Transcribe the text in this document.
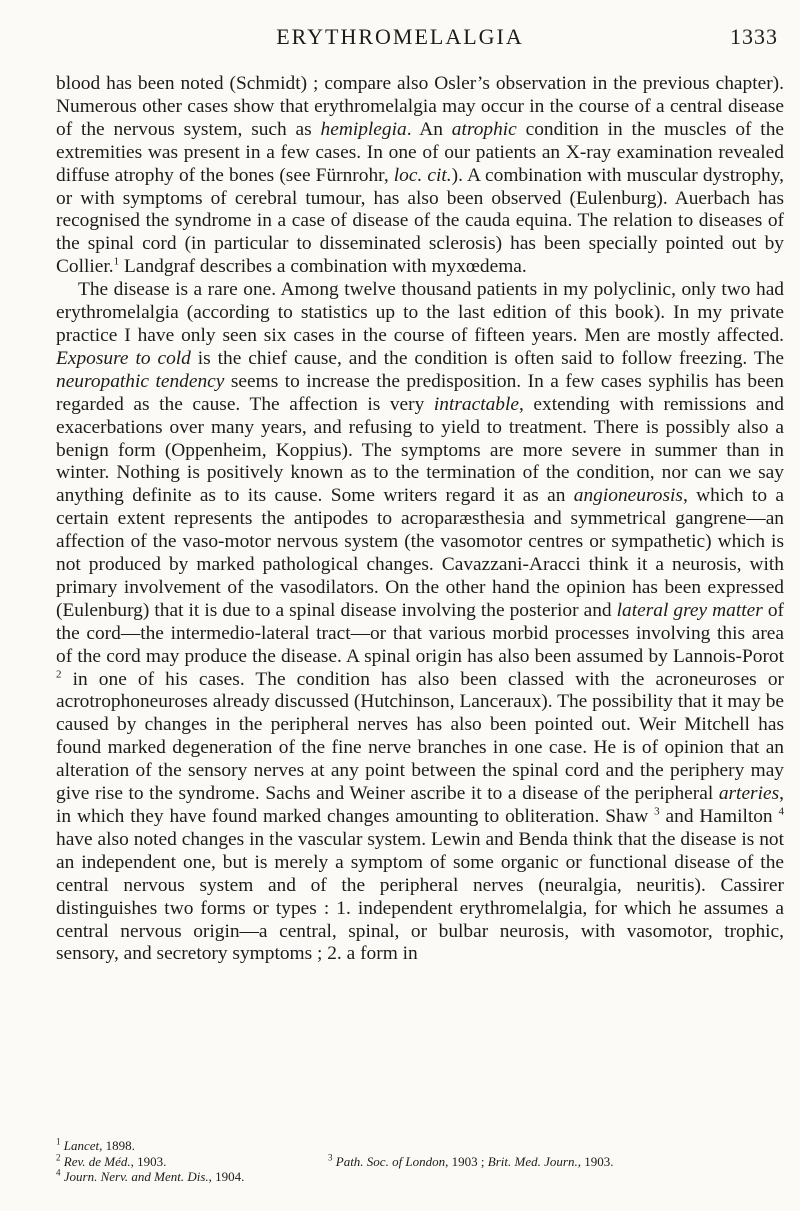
ERYTHROMELALGIA	1333

blood has been noted (Schmidt) ; compare also Osler’s observation in the previous chapter). Numerous other cases show that erythromelalgia may occur in the course of a central disease of the nervous system, such as hemiplegia. An atrophic condition in the muscles of the extremities was present in a few cases. In one of our patients an X-ray examination revealed diffuse atrophy of the bones (see Fürnrohr, loc. cit.). A combination with muscular dystrophy, or with symptoms of cerebral tumour, has also been observed (Eulenburg). Auerbach has recognised the syndrome in a case of disease of the cauda equina. The relation to diseases of the spinal cord (in particular to disseminated sclerosis) has been specially pointed out by Collier.$^1$ Landgraf describes a combination with myxœdema.

The disease is a rare one. Among twelve thousand patients in my polyclinic, only two had erythromelalgia (according to statistics up to the last edition of this book). In my private practice I have only seen six cases in the course of fifteen years. Men are mostly affected. Exposure to cold is the chief cause, and the condition is often said to follow freezing. The neuropathic tendency seems to increase the predisposition. In a few cases syphilis has been regarded as the cause. The affection is very intractable, extending with remissions and exacerbations over many years, and refusing to yield to treatment. There is possibly also a benign form (Oppenheim, Koppius). The symptoms are more severe in summer than in winter. Nothing is positively known as to the termination of the condition, nor can we say anything definite as to its cause. Some writers regard it as an angioneurosis, which to a certain extent represents the antipodes to acroparæsthesia and symmetrical gangrene—an affection of the vaso-motor nervous system (the vasomotor centres or sympathetic) which is not produced by marked pathological changes. Cavazzani-Aracci think it a neurosis, with primary involvement of the vasodilators. On the other hand the opinion has been expressed (Eulenburg) that it is due to a spinal disease involving the posterior and lateral grey matter of the cord—the intermedio-lateral tract—or that various morbid processes involving this area of the cord may produce the disease. A spinal origin has also been assumed by Lannois-Porot $^2$ in one of his cases. The condition has also been classed with the acroneuroses or acrotrophoneuroses already discussed (Hutchinson, Lanceraux). The possibility that it may be caused by changes in the peripheral nerves has also been pointed out. Weir Mitchell has found marked degeneration of the fine nerve branches in one case. He is of opinion that an alteration of the sensory nerves at any point between the spinal cord and the periphery may give rise to the syndrome. Sachs and Weiner ascribe it to a disease of the peripheral arteries, in which they have found marked changes amounting to obliteration. Shaw $^3$ and Hamilton $^4$ have also noted changes in the vascular system. Lewin and Benda think that the disease is not an independent one, but is merely a symptom of some organic or functional disease of the central nervous system and of the peripheral nerves (neuralgia, neuritis). Cassirer distinguishes two forms or types : 1. independent erythromelalgia, for which he assumes a central nervous origin—a central, spinal, or bulbar neurosis, with vasomotor, trophic, sensory, and secretory symptoms ; 2. a form in

$^1$ Lancet, 1898.
$^2$ Rev. de Méd., 1903.	$^3$ Path. Soc. of London, 1903 ; Brit. Med. Journ., 1903.
$^4$ Journ. Nerv. and Ment. Dis., 1904.
